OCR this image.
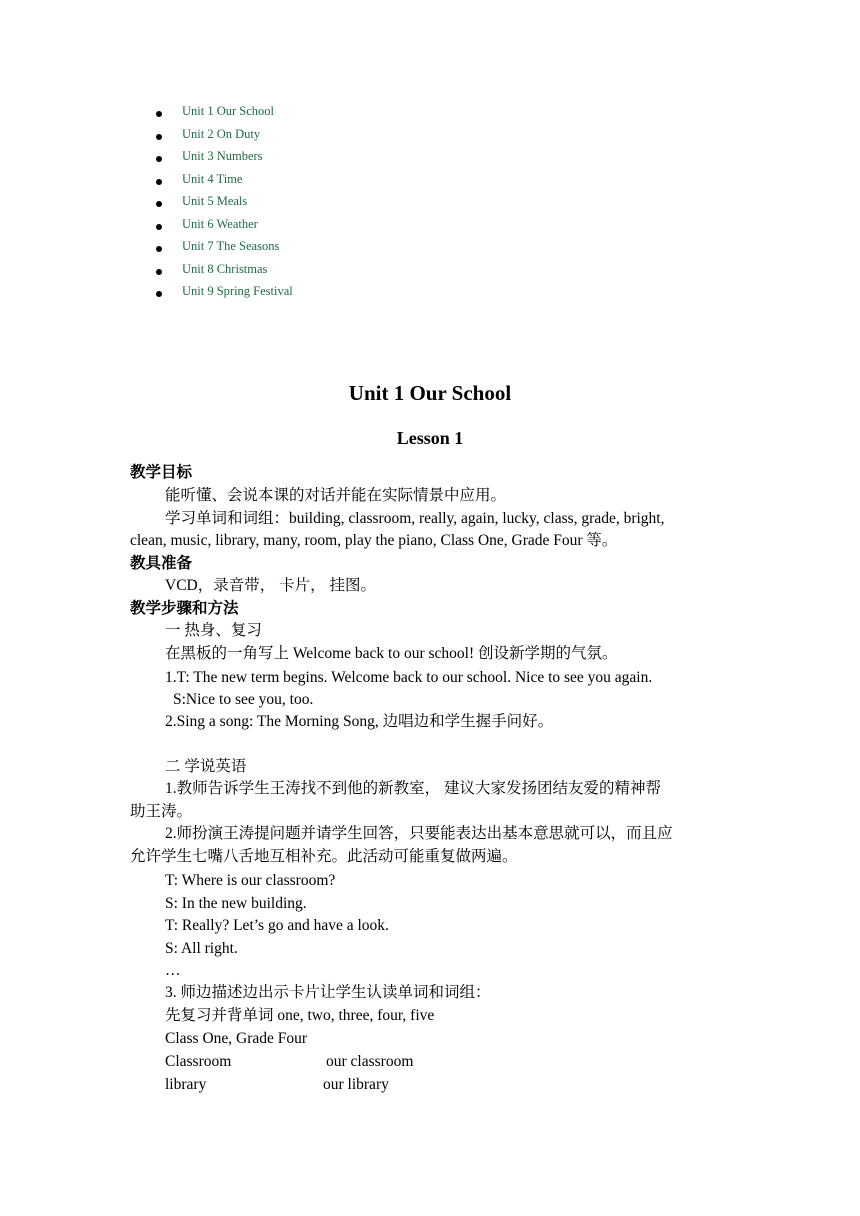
Unit 1 Our School
Unit 2 On Duty
Unit 3 Numbers
Unit 4 Time
Unit 5 Meals
Unit 6 Weather
Unit 7 The Seasons
Unit 8 Christmas
Unit 9 Spring Festival
Unit 1 Our School
Lesson 1
教学目标
能听懂、会说本课的对话并能在实际情景中应用。
学习单词和词组：building, classroom, really, again, lucky, class, grade, bright,
clean, music, library, many, room, play the piano, Class One, Grade Four 等。
教具准备
VCD，录音带， 卡片， 挂图。
教学步骤和方法
一 热身、复习
在黑板的一角写上 Welcome back to our school! 创设新学期的气氛。
1.T: The new term begins. Welcome back to our school. Nice to see you again.
S:Nice to see you, too.
2.Sing a song: The Morning Song, 边唱边和学生握手问好。
二 学说英语
1.教师告诉学生王涛找不到他的新教室， 建议大家发扬团结友爱的精神帮
助王涛。
2.师扮演王涛提问题并请学生回答，只要能表达出基本意思就可以，而且应
允许学生七嘴八舌地互相补充。此活动可能重复做两遍。
T: Where is our classroom?
S: In the new building.
T: Really? Let’s go and have a look.
S: All right.
…
3. 师边描述边出示卡片让学生认读单词和词组：
先复习并背单词 one, two, three, four, five
Class One, Grade Four
Classroom	our classroom
library	our library
